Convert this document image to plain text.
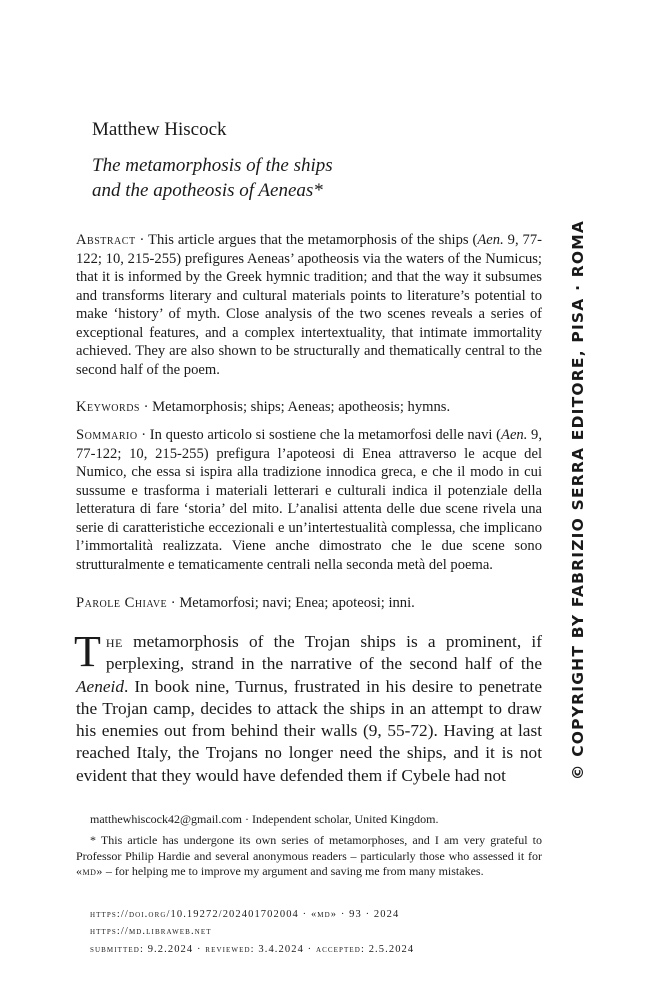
Matthew Hiscock
The metamorphosis of the ships
and the apotheosis of Aeneas*
Abstract · This article argues that the metamorphosis of the ships (Aen. 9, 77-122; 10, 215-255) prefigures Aeneas’ apotheosis via the waters of the Numicus; that it is informed by the Greek hymnic tradition; and that the way it subsumes and transforms literary and cultural materials points to literature’s potential to make ‘history’ of myth. Close analysis of the two scenes reveals a series of exceptional features, and a complex intertextuality, that intimate immortality achieved. They are also shown to be structurally and thematically central to the second half of the poem.
Keywords · Metamorphosis; ships; Aeneas; apotheosis; hymns.
Sommario · In questo articolo si sostiene che la metamorfosi delle navi (Aen. 9, 77-122; 10, 215-255) prefigura l’apoteosi di Enea attraverso le acque del Numico, che essa si ispira alla tradizione innodica greca, e che il modo in cui sussume e trasforma i materiali letterari e culturali indica il potenziale della letteratura di fare ‘storia’ del mito. L’analisi attenta delle due scene rivela una serie di caratteristiche eccezionali e un’intertestualità complessa, che implicano l’immortalità realizzata. Viene anche dimostrato che le due scene sono strutturalmente e tematicamente centrali nella seconda metà del poema.
Parole Chiave · Metamorfosi; navi; Enea; apoteosi; inni.
The metamorphosis of the Trojan ships is a prominent, if perplexing, strand in the narrative of the second half of the Aeneid. In book nine, Turnus, frustrated in his desire to penetrate the Trojan camp, decides to attack the ships in an attempt to draw his enemies out from behind their walls (9, 55-72). Having at last reached Italy, the Trojans no longer need the ships, and it is not evident that they would have defended them if Cybele had not	© COPYRIGHT BY FABRIZIO SERRA EDITORE, PISA · ROMA
matthewhiscock42@gmail.com · Independent scholar, United Kingdom.
* This article has undergone its own series of metamorphoses, and I am very grateful to Professor Philip Hardie and several anonymous readers – particularly those who assessed it for «md» – for helping me to improve my argument and saving me from many mistakes.
https://doi.org/10.19272/202401702004 · «md» · 93 · 2024
https://md.libraweb.net
submitted: 9.2.2024 · reviewed: 3.4.2024 · accepted: 2.5.2024
